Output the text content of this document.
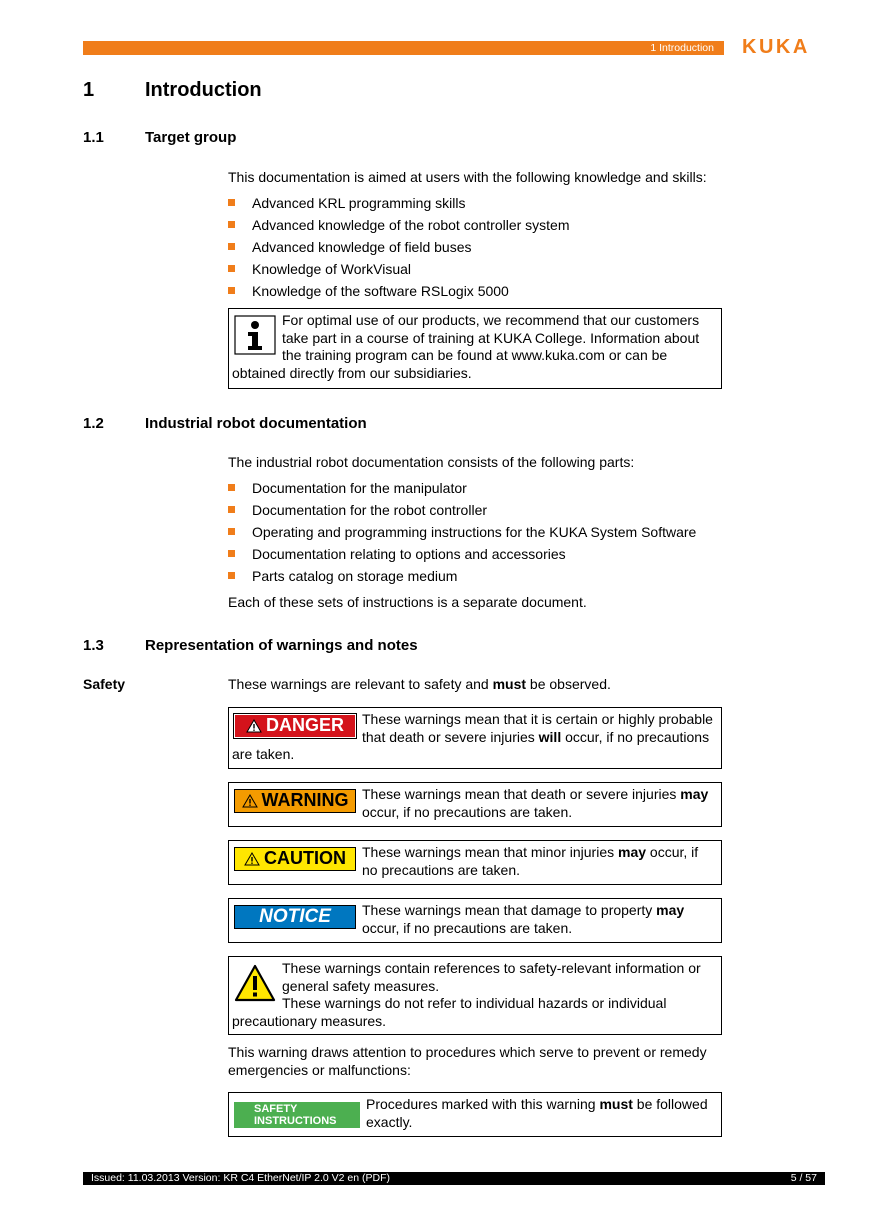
1 Introduction KUKA
1	Introduction
1.1	Target group
This documentation is aimed at users with the following knowledge and skills:
Advanced KRL programming skills
Advanced knowledge of the robot controller system
Advanced knowledge of field buses
Knowledge of WorkVisual
Knowledge of the software RSLogix 5000
For optimal use of our products, we recommend that our customers take part in a course of training at KUKA College. Information about the training program can be found at www.kuka.com or can be obtained directly from our subsidiaries.
1.2	Industrial robot documentation
The industrial robot documentation consists of the following parts:
Documentation for the manipulator
Documentation for the robot controller
Operating and programming instructions for the KUKA System Software
Documentation relating to options and accessories
Parts catalog on storage medium
Each of these sets of instructions is a separate document.
1.3	Representation of warnings and notes
Safety	These warnings are relevant to safety and must be observed.
DANGER These warnings mean that it is certain or highly probable that death or severe injuries will occur, if no precautions are taken.
WARNING These warnings mean that death or severe injuries may occur, if no precautions are taken.
CAUTION These warnings mean that minor injuries may occur, if no precautions are taken.
NOTICE These warnings mean that damage to property may occur, if no precautions are taken.
These warnings contain references to safety-relevant information or general safety measures.
These warnings do not refer to individual hazards or individual precautionary measures.
This warning draws attention to procedures which serve to prevent or remedy emergencies or malfunctions:
SAFETY
INSTRUCTIONS
Procedures marked with this warning must be followed exactly.
Issued: 11.03.2013 Version: KR C4 EtherNet/IP 2.0 V2 en (PDF)	5 / 57
